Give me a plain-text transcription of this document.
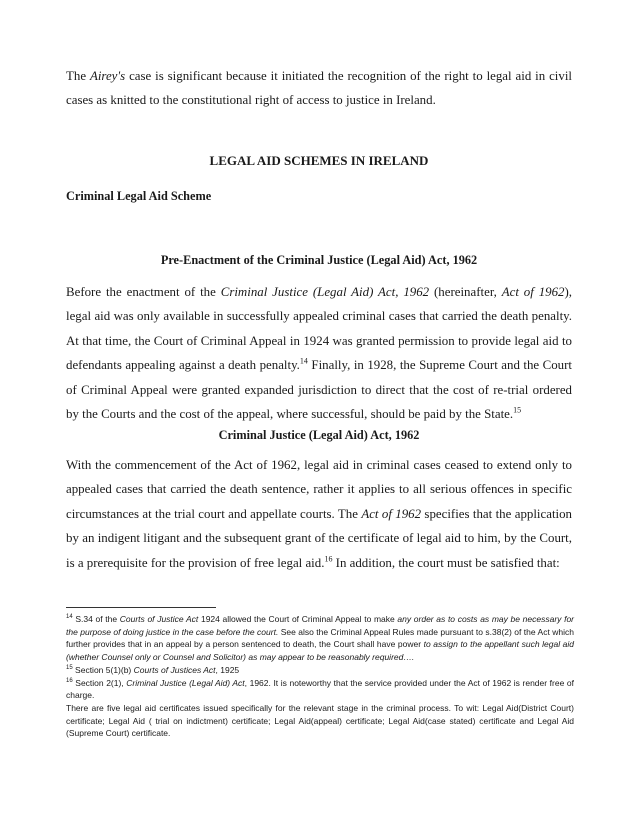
The Airey's case is significant because it initiated the recognition of the right to legal aid in civil cases as knitted to the constitutional right of access to justice in Ireland.

LEGAL AID SCHEMES IN IRELAND

Criminal Legal Aid Scheme

Pre-Enactment of the Criminal Justice (Legal Aid) Act, 1962

Before the enactment of the Criminal Justice (Legal Aid) Act, 1962 (hereinafter, Act of 1962), legal aid was only available in successfully appealed criminal cases that carried the death penalty. At that time, the Court of Criminal Appeal in 1924 was granted permission to provide legal aid to defendants appealing against a death penalty.$^{14}$ Finally, in 1928, the Supreme Court and the Court of Criminal Appeal were granted expanded jurisdiction to direct that the cost of re-trial ordered by the Courts and the cost of the appeal, where successful, should be paid by the State.$^{15}$

Criminal Justice (Legal Aid) Act, 1962

With the commencement of the Act of 1962, legal aid in criminal cases ceased to extend only to appealed cases that carried the death sentence, rather it applies to all serious offences in specific circumstances at the trial court and appellate courts. The Act of 1962 specifies that the application by an indigent litigant and the subsequent grant of the certificate of legal aid to him, by the Court, is a prerequisite for the provision of free legal aid.$^{16}$ In addition, the court must be satisfied that:

$^{14}$ S.34 of the Courts of Justice Act 1924 allowed the Court of Criminal Appeal to make any order as to costs as may be necessary for the purpose of doing justice in the case before the court. See also the Criminal Appeal Rules made pursuant to s.38(2) of the Act which further provides that in an appeal by a person sentenced to death, the Court shall have power to assign to the appellant such legal aid (whether Counsel only or Counsel and Solicitor) as may appear to be reasonably required….

$^{15}$ Section 5(1)(b) Courts of Justices Act, 1925

$^{16}$ Section 2(1), Criminal Justice (Legal Aid) Act, 1962. It is noteworthy that the service provided under the Act of 1962 is render free of charge.

There are five legal aid certificates issued specifically for the relevant stage in the criminal process. To wit: Legal Aid(District Court) certificate; Legal Aid ( trial on indictment) certificate; Legal Aid(appeal) certificate; Legal Aid(case stated) certificate and Legal Aid (Supreme Court) certificate.
